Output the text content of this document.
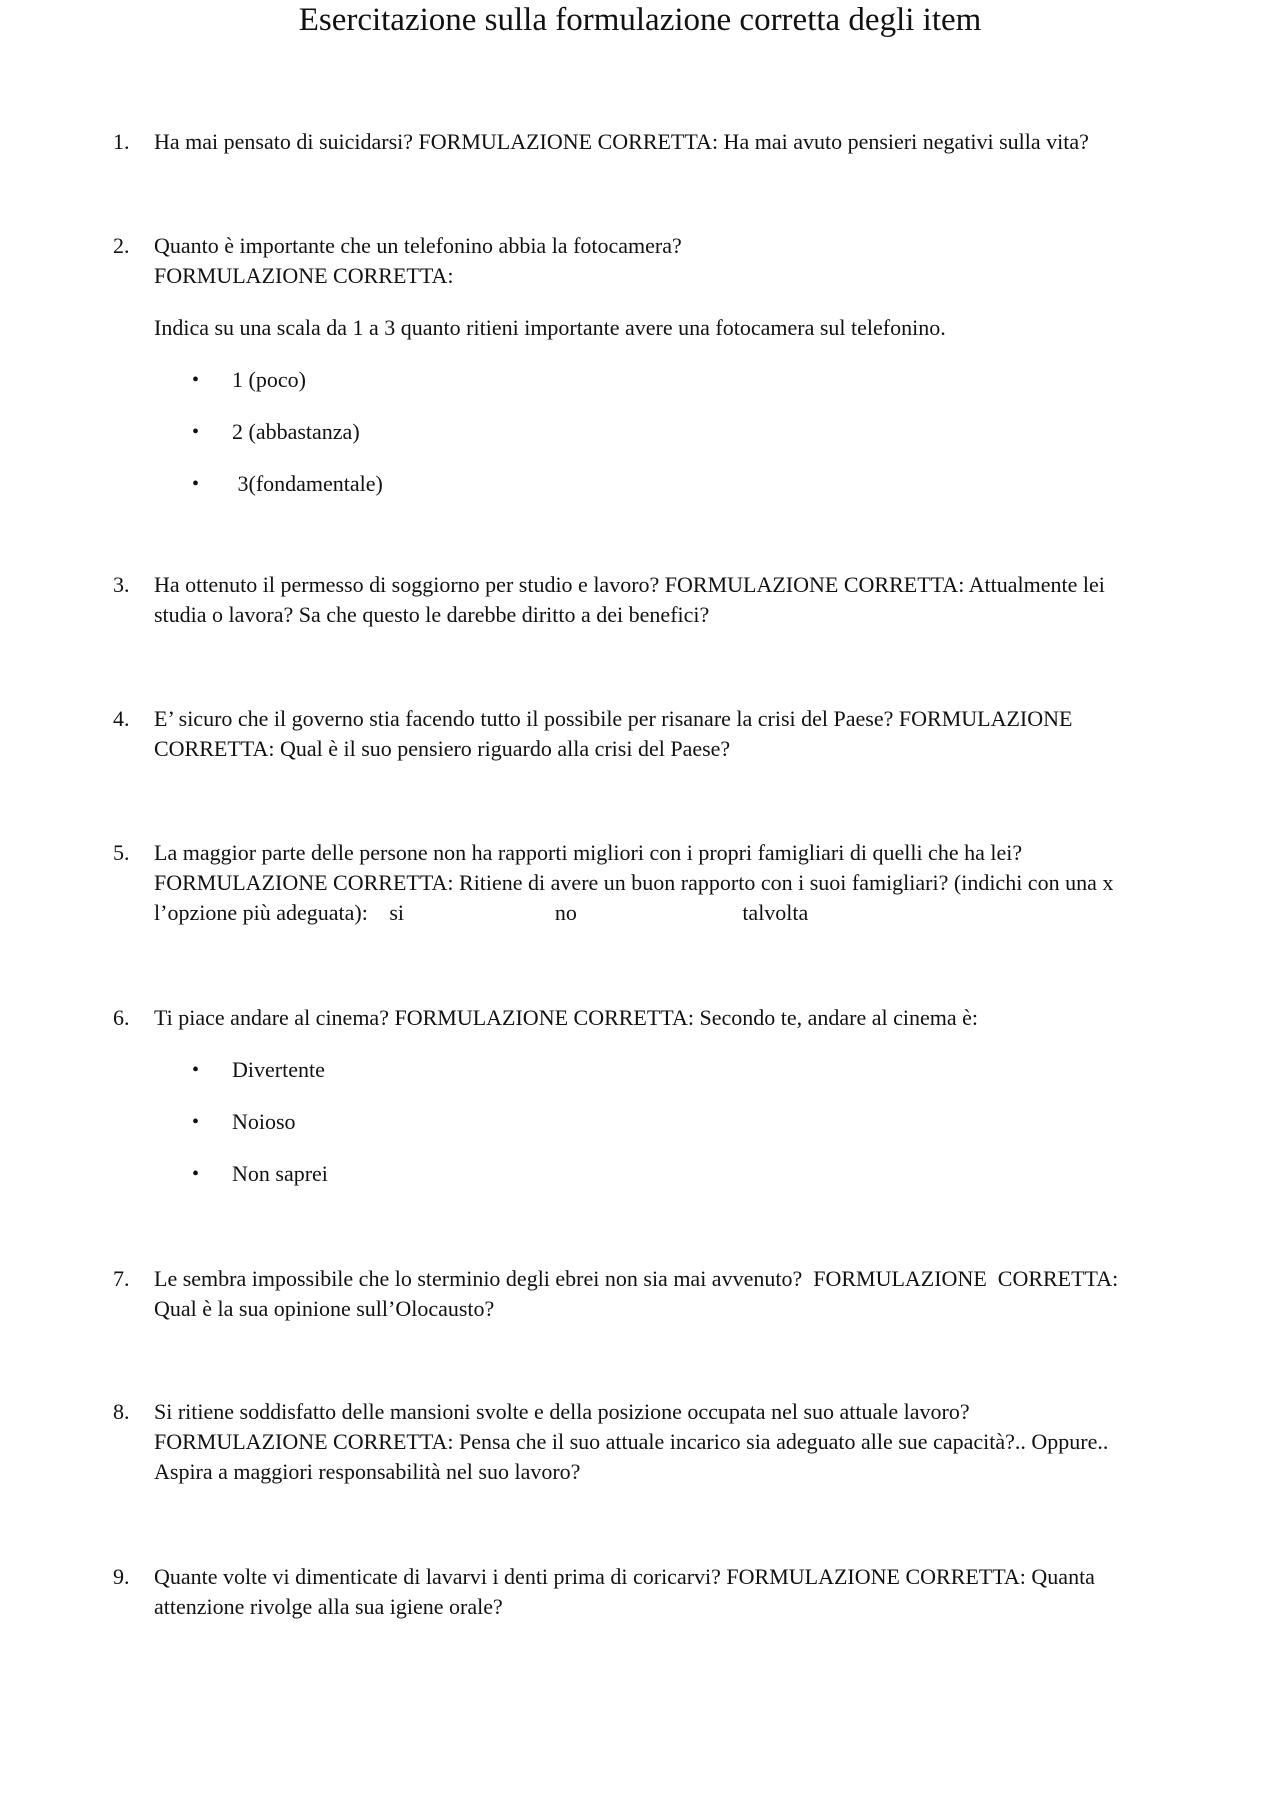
Esercitazione sulla formulazione corretta degli item
1.	Ha mai pensato di suicidarsi? FORMULAZIONE CORRETTA: Ha mai avuto pensieri negativi sulla vita?
2.	Quanto è importante che un telefonino abbia la fotocamera?
FORMULAZIONE CORRETTA:
Indica su una scala da 1 a 3 quanto ritieni importante avere una fotocamera sul telefonino.
• 1 (poco)
• 2 (abbastanza)
• 3(fondamentale)
3.	Ha ottenuto il permesso di soggiorno per studio e lavoro? FORMULAZIONE CORRETTA: Attualmente lei
studia o lavora? Sa che questo le darebbe diritto a dei benefici?
4.	E’ sicuro che il governo stia facendo tutto il possibile per risanare la crisi del Paese? FORMULAZIONE
CORRETTA: Qual è il suo pensiero riguardo alla crisi del Paese?
5.	La maggior parte delle persone non ha rapporti migliori con i propri famigliari di quelli che ha lei?
FORMULAZIONE CORRETTA: Ritiene di avere un buon rapporto con i suoi famigliari? (indichi con una x
l’opzione più adeguata): si	no	talvolta
6.	Ti piace andare al cinema? FORMULAZIONE CORRETTA: Secondo te, andare al cinema è:
• Divertente
• Noioso
• Non saprei
7.	Le sembra impossibile che lo sterminio degli ebrei non sia mai avvenuto?  FORMULAZIONE  CORRETTA:
Qual è la sua opinione sull’Olocausto?
8.	Si ritiene soddisfatto delle mansioni svolte e della posizione occupata nel suo attuale lavoro?
FORMULAZIONE CORRETTA: Pensa che il suo attuale incarico sia adeguato alle sue capacità?.. Oppure..
Aspira a maggiori responsabilità nel suo lavoro?
9.	Quante volte vi dimenticate di lavarvi i denti prima di coricarvi? FORMULAZIONE CORRETTA: Quanta
attenzione rivolge alla sua igiene orale?
